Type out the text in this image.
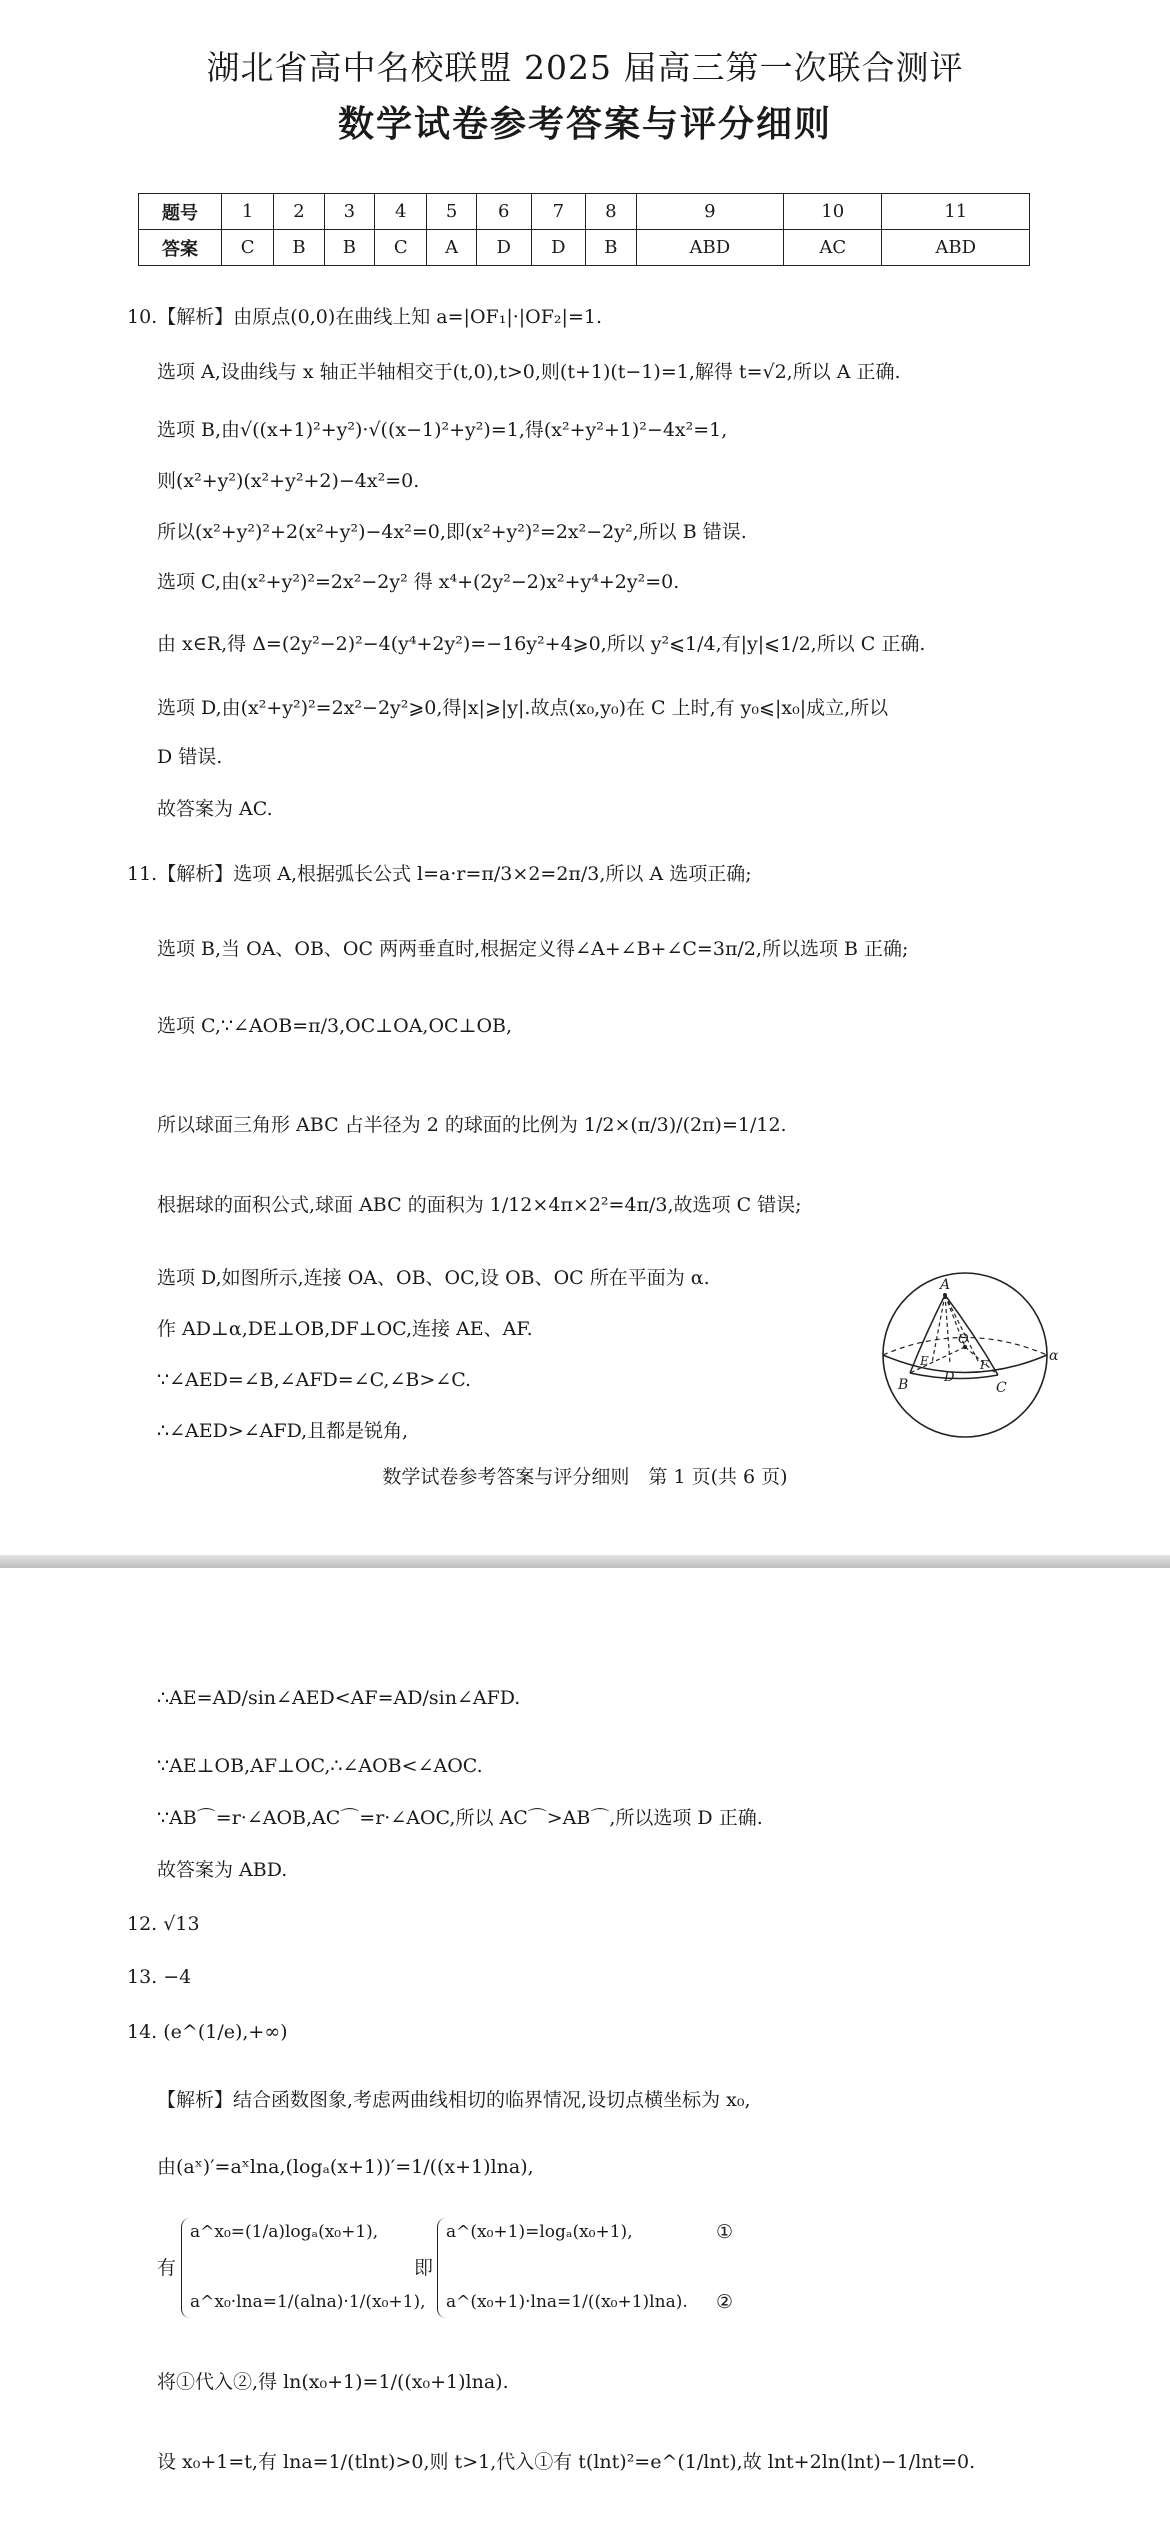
湖北省高中名校联盟 2025 届高三第一次联合测评
数学试卷参考答案与评分细则
题号	1	2	3	4	5	6	7	8	9	10	11
答案	C	B	B	C	A	D	D	B	ABD	AC	ABD
10.【解析】由原点(0,0)在曲线上知 a=|OF₁|·|OF₂|=1.
选项 A,设曲线与 x 轴正半轴相交于(t,0),t>0,则(t+1)(t−1)=1,解得 t=√2,所以 A 正确.
选项 B,由√((x+1)²+y²)·√((x−1)²+y²)=1,得(x²+y²+1)²−4x²=1,
则(x²+y²)(x²+y²+2)−4x²=0.
所以(x²+y²)²+2(x²+y²)−4x²=0,即(x²+y²)²=2x²−2y²,所以 B 错误.
选项 C,由(x²+y²)²=2x²−2y² 得 x⁴+(2y²−2)x²+y⁴+2y²=0.
由 x∈R,得 Δ=(2y²−2)²−4(y⁴+2y²)=−16y²+4⩾0,所以 y²⩽1/4,有|y|⩽1/2,所以 C 正确.
选项 D,由(x²+y²)²=2x²−2y²⩾0,得|x|⩾|y|.故点(x₀,y₀)在 C 上时,有 y₀⩽|x₀|成立,所以
D 错误.
故答案为 AC.
11.【解析】选项 A,根据弧长公式 l=a·r=π/3×2=2π/3,所以 A 选项正确;
选项 B,当 OA、OB、OC 两两垂直时,根据定义得∠A+∠B+∠C=3π/2,所以选项 B 正确;
选项 C,∵∠AOB=π/3,OC⊥OA,OC⊥OB,
所以球面三角形 ABC 占半径为 2 的球面的比例为 1/2×(π/3)/(2π)=1/12.
根据球的面积公式,球面 ABC 的面积为 1/12×4π×2²=4π/3,故选项 C 错误;
选项 D,如图所示,连接 OA、OB、OC,设 OB、OC 所在平面为 α.
作 AD⊥α,DE⊥OB,DF⊥OC,连接 AE、AF.
∵∠AED=∠B,∠AFD=∠C,∠B>∠C.
∴∠AED>∠AFD,且都是锐角,
A
B	C
D
E	F
O
α
数学试卷参考答案与评分细则　第 1 页(共 6 页)
∴AE=AD/sin∠AED<AF=AD/sin∠AFD.
∵AE⊥OB,AF⊥OC,∴∠AOB<∠AOC.
∵AB⌒=r·∠AOB,AC⌒=r·∠AOC,所以 AC⌒>AB⌒,所以选项 D 正确.
故答案为 ABD.
12. √13
13. −4
14. (e^(1/e),+∞)
【解析】结合函数图象,考虑两曲线相切的临界情况,设切点横坐标为 x₀,
由(aˣ)′=aˣlna,(logₐ(x+1))′=1/((x+1)lna),
有
a^x₀=(1/a)logₐ(x₀+1),
a^x₀·lna=1/(alna)·1/(x₀+1),
即
a^(x₀+1)=logₐ(x₀+1),
a^(x₀+1)·lna=1/((x₀+1)lna).
①
②
将①代入②,得 ln(x₀+1)=1/((x₀+1)lna).
设 x₀+1=t,有 lna=1/(tlnt)>0,则 t>1,代入①有 t(lnt)²=e^(1/lnt),故 lnt+2ln(lnt)−1/lnt=0.
